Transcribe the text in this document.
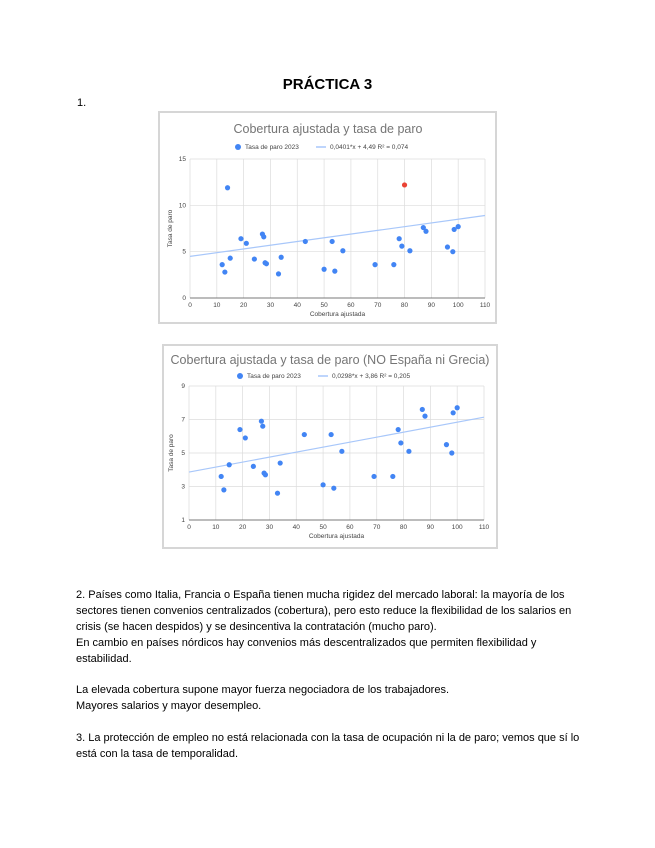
PRÁCTICA 3
1.
Cobertura ajustada y tasa de paro
Tasa de paro 2023	0,0401*x + 4,49 R² = 0,074
0	10	20	30	40	50	60	70	80	90	100 110
0
5
10
15
Cobertura ajustada
Tasa de paro
Cobertura ajustada y tasa de paro (NO España ni Grecia)
Tasa de paro 2023	0,0298*x + 3,86 R² = 0,205
0	10	20	30	40	50	60	70	80	90	100 110
1
3
5
7
9
Cobertura ajustada
Tasa de paro

2. Países como Italia, Francia o España tienen mucha rigidez del mercado laboral: la mayoría de los sectores tienen convenios centralizados (cobertura), pero esto reduce la flexibilidad de los salarios en crisis (se hacen despidos) y se desincentiva la contratación (mucho paro).

En cambio en países nórdicos hay convenios más descentralizados que permiten flexibilidad y estabilidad.

La elevada cobertura supone mayor fuerza negociadora de los trabajadores.

Mayores salarios y mayor desempleo.

3. La protección de empleo no está relacionada con la tasa de ocupación ni la de paro; vemos que sí lo está con la tasa de temporalidad.
